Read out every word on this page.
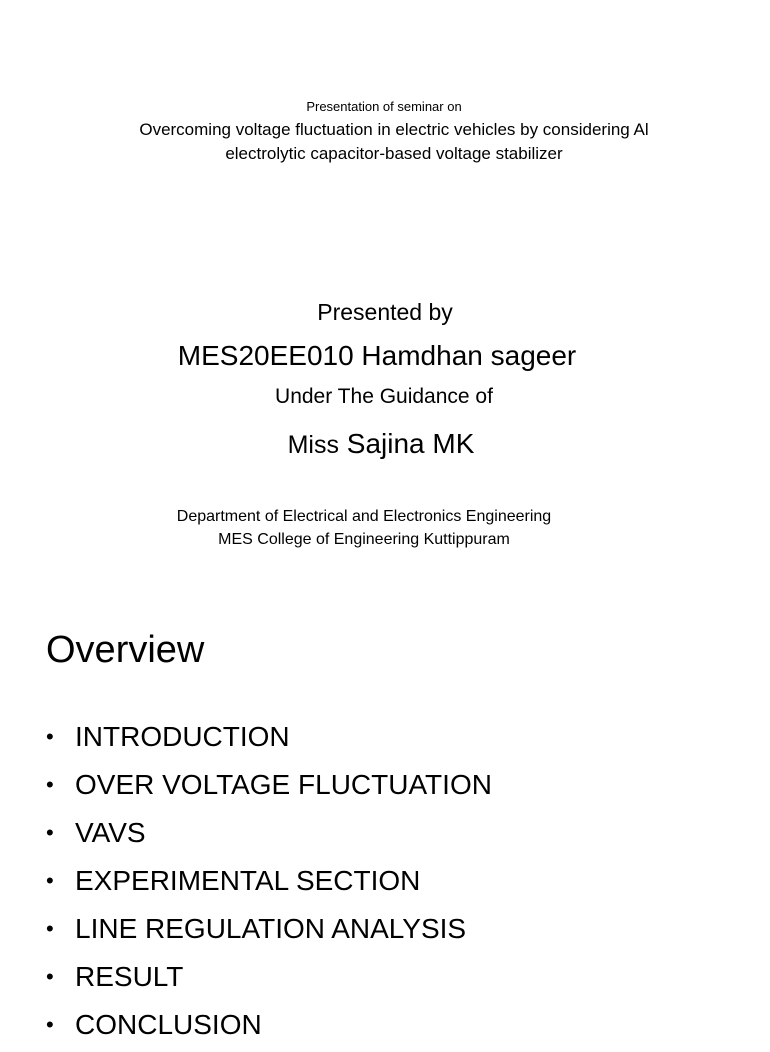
Presentation of seminar on
Overcoming voltage fluctuation in electric vehicles by considering Al electrolytic capacitor-based voltage stabilizer
Presented by
MES20EE010 Hamdhan sageer
Under The Guidance of
Miss Sajina MK
Department of Electrical and Electronics Engineering
MES College of Engineering Kuttippuram
Overview
• INTRODUCTION
• OVER VOLTAGE FLUCTUATION
• VAVS
• EXPERIMENTAL SECTION
• LINE REGULATION ANALYSIS
• RESULT
• CONCLUSION
